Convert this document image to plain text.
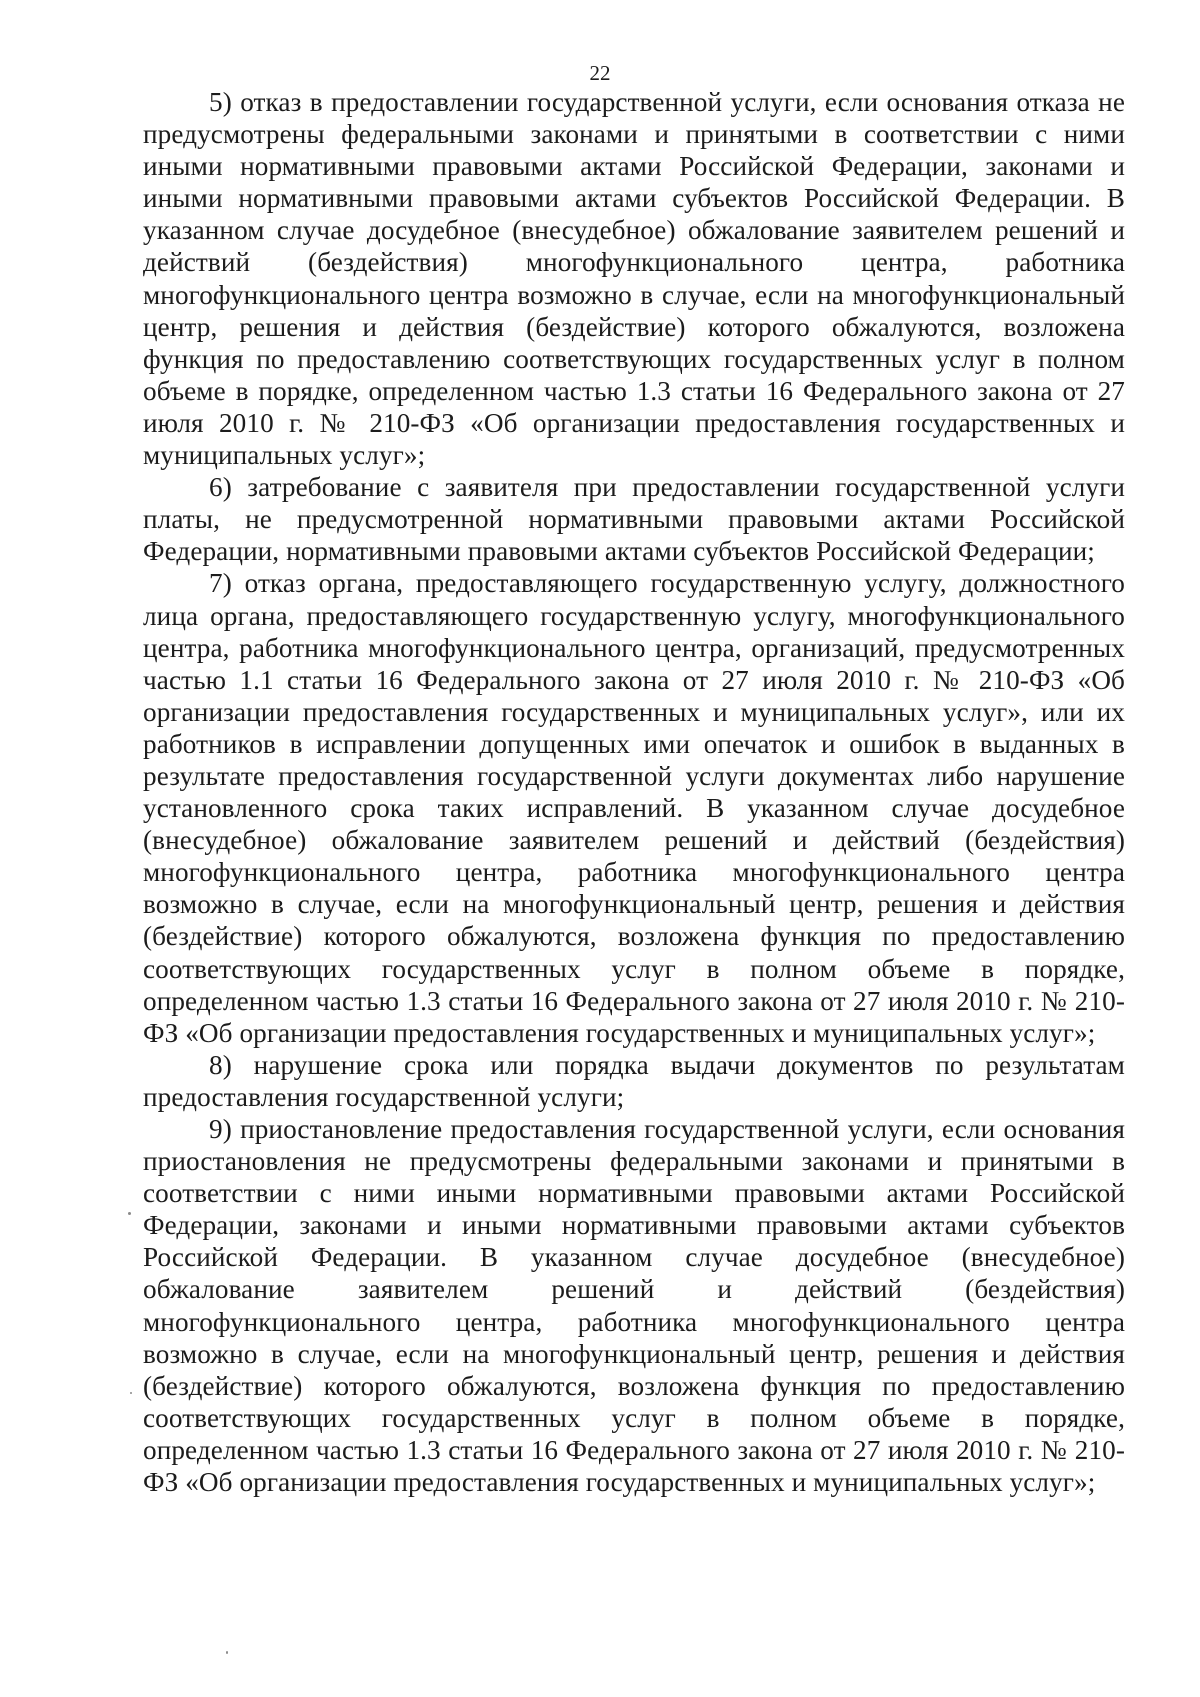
22

5) отказ в предоставлении государственной услуги, если основания отказа не предусмотрены федеральными законами и принятыми в соответствии с ними иными нормативными правовыми актами Российской Федерации, законами и иными нормативными правовыми актами субъектов Российской Федерации. В указанном случае досудебное (внесудебное) обжалование заявителем решений и действий (бездействия) многофункционального центра, работника многофункционального центра возможно в случае, если на многофункциональный центр, решения и действия (бездействие) которого обжалуются, возложена функция по предоставлению соответствующих государственных услуг в полном объеме в порядке, определенном частью 1.3 статьи 16 Федерального закона от 27 июля 2010 г. № 210-ФЗ «Об организации предоставления государственных и муниципальных услуг»;

6) затребование с заявителя при предоставлении государственной услуги платы, не предусмотренной нормативными правовыми актами Российской Федерации, нормативными правовыми актами субъектов Российской Федерации;

7) отказ органа, предоставляющего государственную услугу, должностного лица органа, предоставляющего государственную услугу, многофункционального центра, работника многофункционального центра, организаций, предусмотренных частью 1.1 статьи 16 Федерального закона от 27 июля 2010 г. № 210-ФЗ «Об организации предоставления государственных и муниципальных услуг», или их работников в исправлении допущенных ими опечаток и ошибок в выданных в результате предоставления государственной услуги документах либо нарушение установленного срока таких исправлений. В указанном случае досудебное (внесудебное) обжалование заявителем решений и действий (бездействия) многофункционального центра, работника многофункционального центра возможно в случае, если на многофункциональный центр, решения и действия (бездействие) которого обжалуются, возложена функция по предоставлению соответствующих государственных услуг в полном объеме в порядке, определенном частью 1.3 статьи 16 Федерального закона от 27 июля 2010 г. № 210-ФЗ «Об организации предоставления государственных и муниципальных услуг»;

8) нарушение срока или порядка выдачи документов по результатам предоставления государственной услуги;

9) приостановление предоставления государственной услуги, если основания приостановления не предусмотрены федеральными законами и принятыми в соответствии с ними иными нормативными правовыми актами Российской Федерации, законами и иными нормативными правовыми актами субъектов Российской Федерации. В указанном случае досудебное (внесудебное) обжалование заявителем решений и действий (бездействия) многофункционального центра, работника многофункционального центра возможно в случае, если на многофункциональный центр, решения и действия (бездействие) которого обжалуются, возложена функция по предоставлению соответствующих государственных услуг в полном объеме в порядке, определенном частью 1.3 статьи 16 Федерального закона от 27 июля 2010 г. № 210-ФЗ «Об организации предоставления государственных и муниципальных услуг»;
